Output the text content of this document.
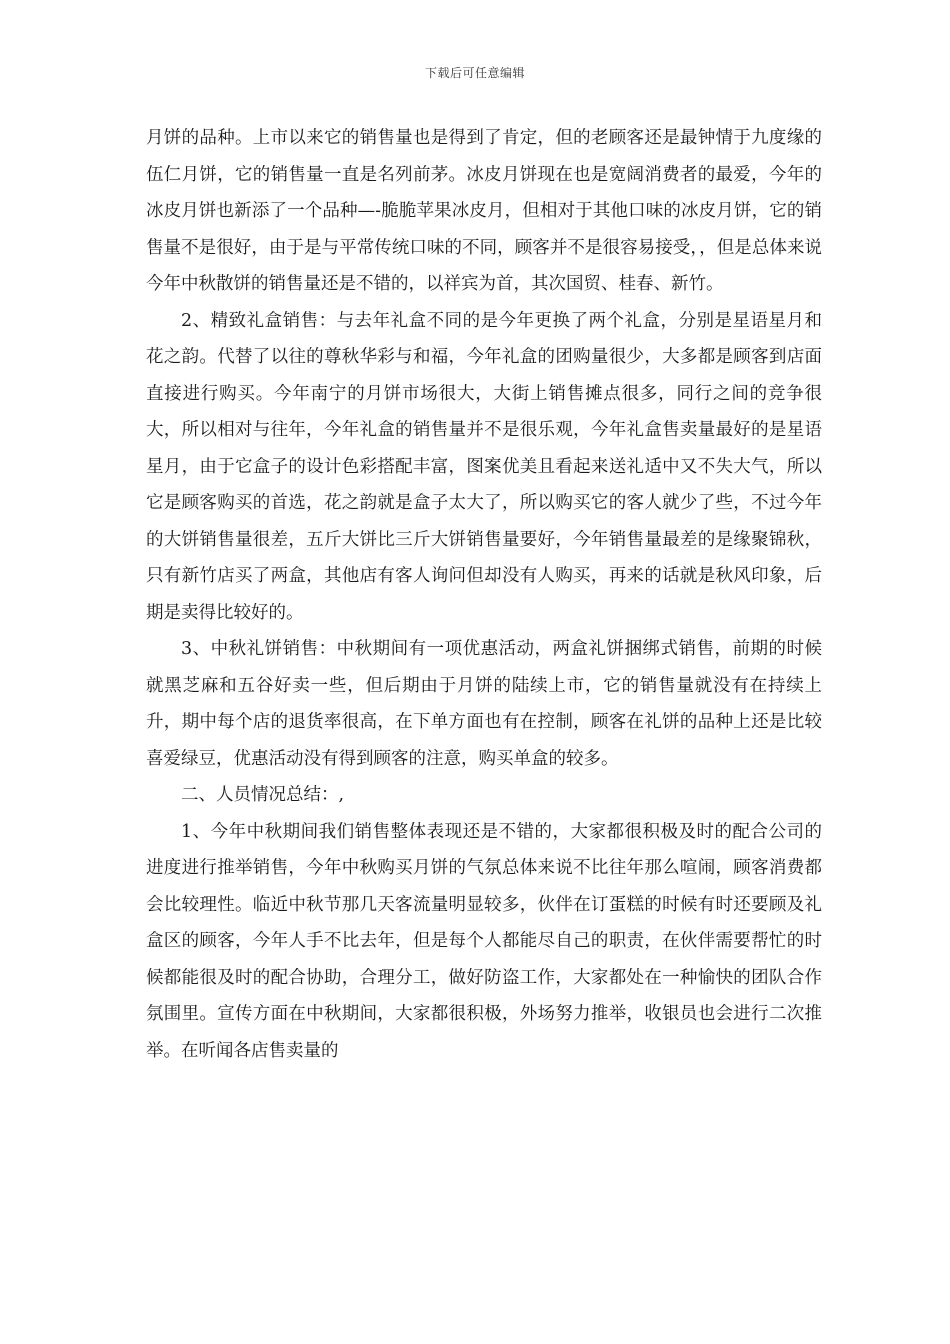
下载后可任意编辑

月饼的品种。上市以来它的销售量也是得到了肯定，但的老顾客还是最钟情于九度缘的伍仁月饼，它的销售量一直是名列前茅。冰皮月饼现在也是宽阔消费者的最爱，今年的冰皮月饼也新添了一个品种—-脆脆苹果冰皮月，但相对于其他口味的冰皮月饼，它的销售量不是很好，由于是与平常传统口味的不同，顾客并不是很容易接受，，但是总体来说今年中秋散饼的销售量还是不错的，以祥宾为首，其次国贸、桂春、新竹。

2、精致礼盒销售：与去年礼盒不同的是今年更换了两个礼盒，分别是星语星月和花之韵。代替了以往的尊秋华彩与和福，今年礼盒的团购量很少，大多都是顾客到店面直接进行购买。今年南宁的月饼市场很大，大街上销售摊点很多，同行之间的竞争很大，所以相对与往年，今年礼盒的销售量并不是很乐观，今年礼盒售卖量最好的是星语星月，由于它盒子的设计色彩搭配丰富，图案优美且看起来送礼适中又不失大气，所以它是顾客购买的首选，花之韵就是盒子太大了，所以购买它的客人就少了些，不过今年的大饼销售量很差，五斤大饼比三斤大饼销售量要好，今年销售量最差的是缘聚锦秋，只有新竹店买了两盒，其他店有客人询问但却没有人购买，再来的话就是秋风印象，后期是卖得比较好的。

3、中秋礼饼销售：中秋期间有一项优惠活动，两盒礼饼捆绑式销售，前期的时候就黑芝麻和五谷好卖一些，但后期由于月饼的陆续上市，它的销售量就没有在持续上升，期中每个店的退货率很高，在下单方面也有在控制，顾客在礼饼的品种上还是比较喜爱绿豆，优惠活动没有得到顾客的注意，购买单盒的较多。

二、人员情况总结：,

1、今年中秋期间我们销售整体表现还是不错的，大家都很积极及时的配合公司的进度进行推举销售，今年中秋购买月饼的气氛总体来说不比往年那么喧闹，顾客消费都会比较理性。临近中秋节那几天客流量明显较多，伙伴在订蛋糕的时候有时还要顾及礼盒区的顾客，今年人手不比去年，但是每个人都能尽自己的职责，在伙伴需要帮忙的时候都能很及时的配合协助，合理分工，做好防盗工作，大家都处在一种愉快的团队合作氛围里。宣传方面在中秋期间，大家都很积极，外场努力推举，收银员也会进行二次推举。在听闻各店售卖量的
